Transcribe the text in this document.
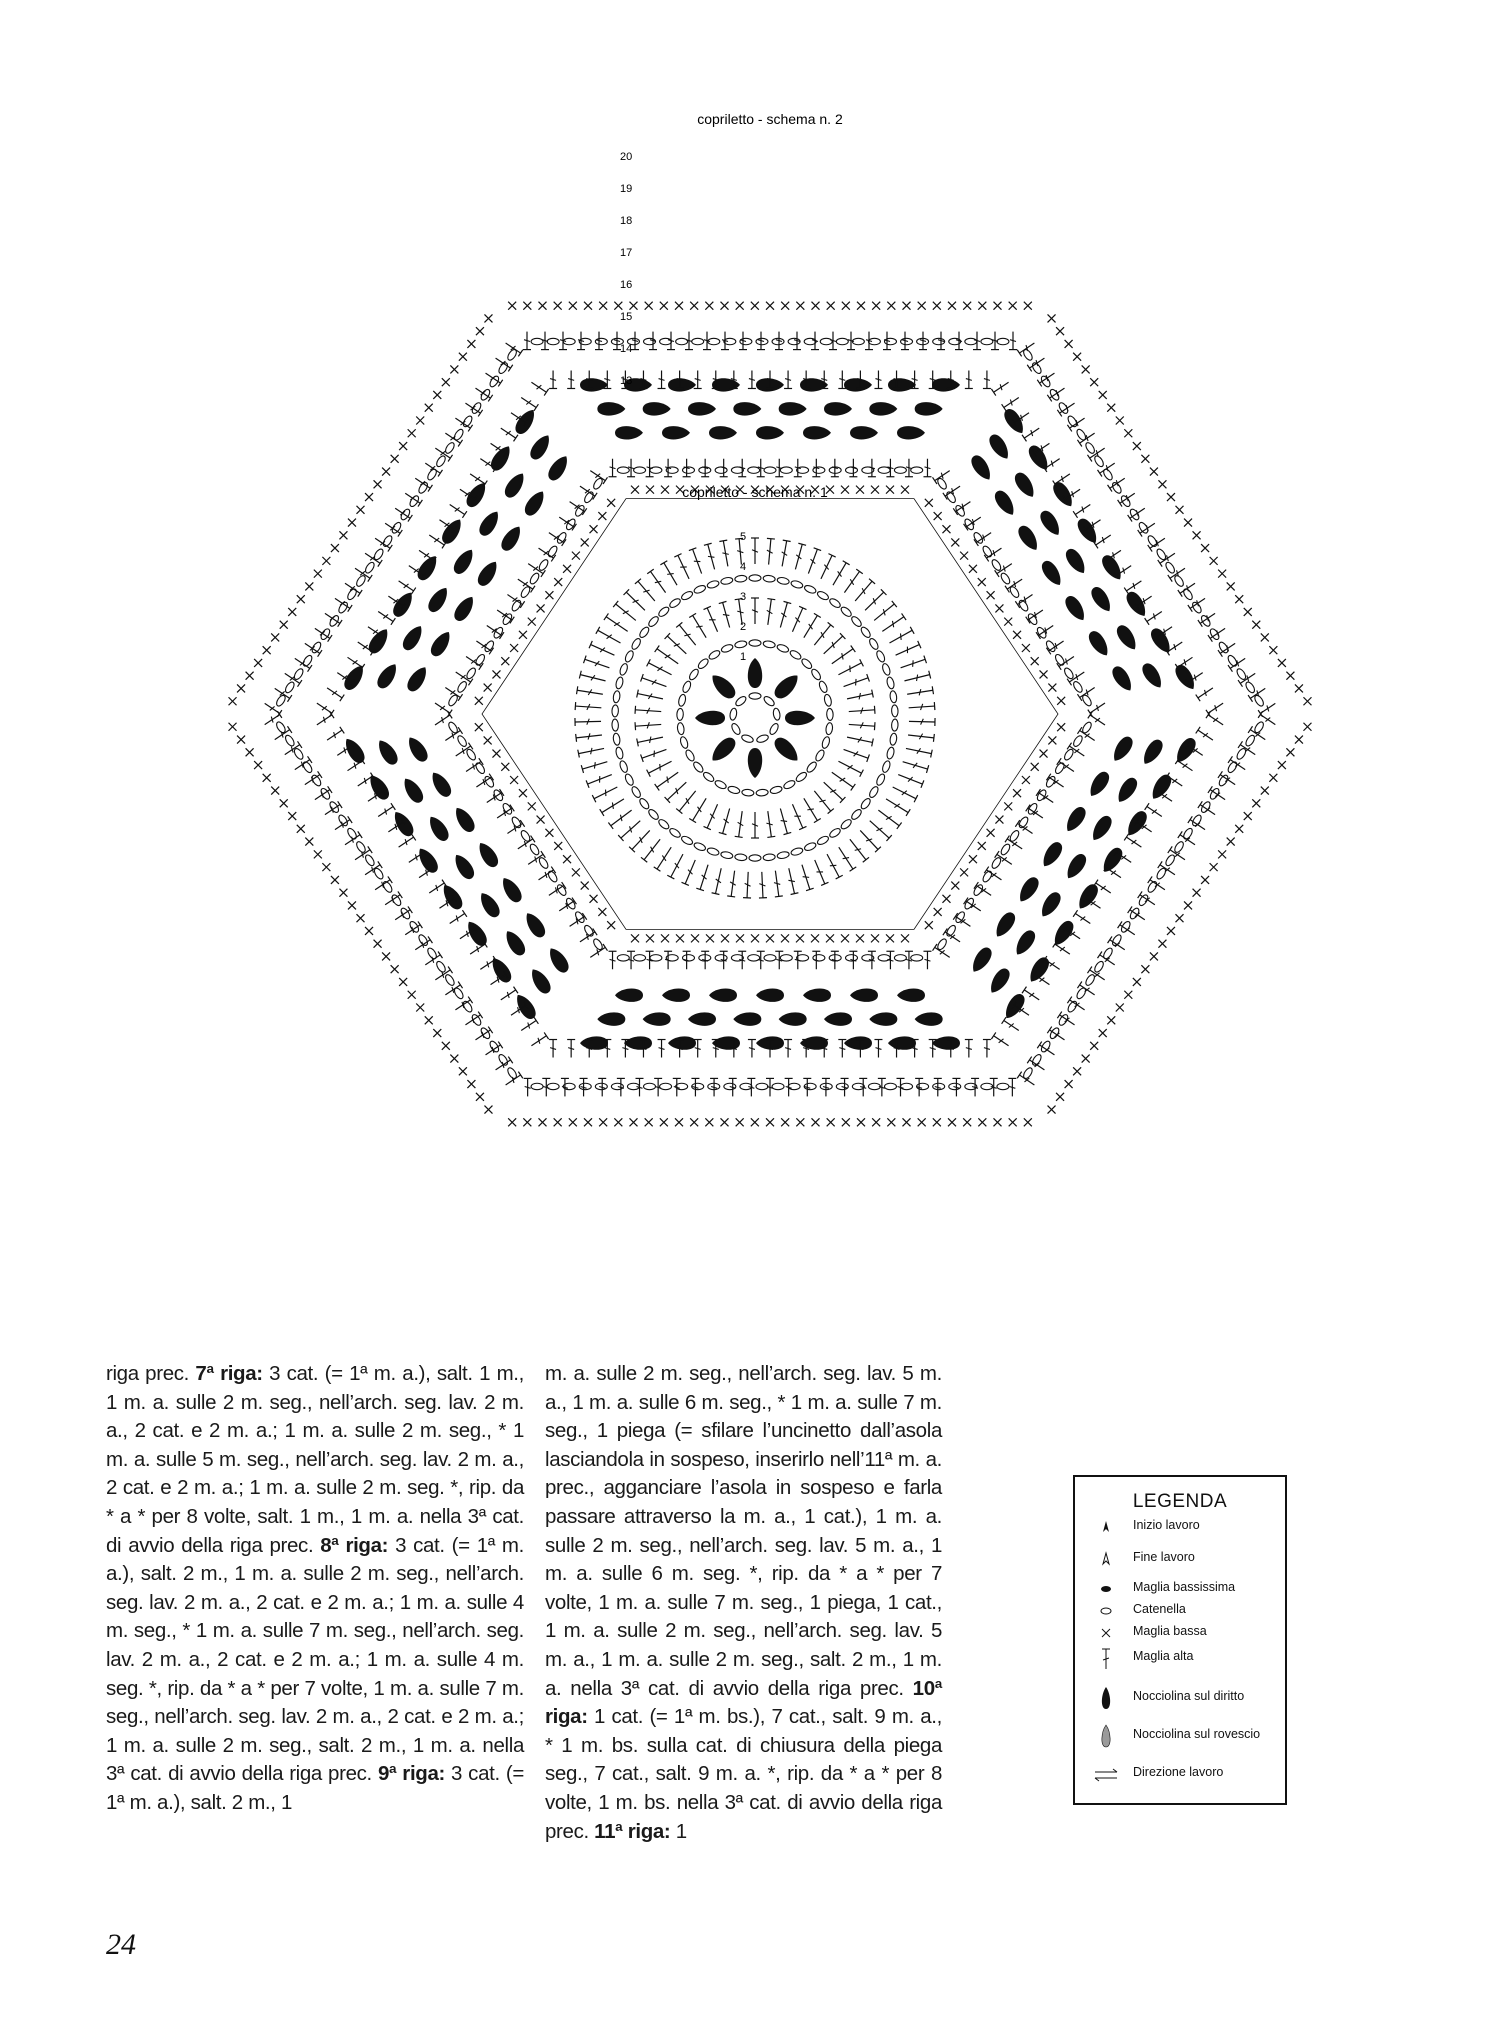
copriletto - schema n. 2
copriletto - schema n. 1
20
19
18
17
16
15
14
13
5
4
3
2
1
riga prec. 7ª riga: 3 cat. (= 1ª m. a.), salt. 1 m., 1 m. a. sulle 2 m. seg., nell’arch. seg. lav. 2 m. a., 2 cat. e 2 m. a.; 1 m. a. sulle 2 m. seg., * 1 m. a. sulle 5 m. seg., nell’arch. seg. lav. 2 m. a., 2 cat. e 2 m. a.; 1 m. a. sulle 2 m. seg. *, rip. da * a * per 8 volte, salt. 1 m., 1 m. a. nella 3ª cat. di avvio della riga prec. 8ª riga: 3 cat. (= 1ª m. a.), salt. 2 m., 1 m. a. sulle 2 m. seg., nell’arch. seg. lav. 2 m. a., 2 cat. e 2 m. a.; 1 m. a. sulle 4 m. seg., * 1 m. a. sulle 7 m. seg., nell’arch. seg. lav. 2 m. a., 2 cat. e 2 m. a.; 1 m. a. sulle 4 m. seg. *, rip. da * a * per 7 volte, 1 m. a. sulle 7 m. seg., nell’arch. seg. lav. 2 m. a., 2 cat. e 2 m. a.; 1 m. a. sulle 2 m. seg., salt. 2 m., 1 m. a. nella 3ª cat. di avvio della riga prec. 9ª riga: 3 cat. (= 1ª m. a.), salt. 2 m., 1
m. a. sulle 2 m. seg., nell’arch. seg. lav. 5 m. a., 1 m. a. sulle 6 m. seg., * 1 m. a. sulle 7 m. seg., 1 piega (= sfilare l’uncinetto dall’asola lasciandola in sospeso, inserirlo nell’11ª m. a. prec., agganciare l’asola in sospeso e farla passare attraverso la m. a., 1 cat.), 1 m. a. sulle 2 m. seg., nell’arch. seg. lav. 5 m. a., 1 m. a. sulle 6 m. seg. *, rip. da * a * per 7 volte, 1 m. a. sulle 7 m. seg., 1 piega, 1 cat., 1 m. a. sulle 2 m. seg., nell’arch. seg. lav. 5 m. a., 1 m. a. sulle 2 m. seg., salt. 2 m., 1 m. a. nella 3ª cat. di avvio della riga prec. 10ª riga: 1 cat. (= 1ª m. bs.), 7 cat., salt. 9 m. a., * 1 m. bs. sulla cat. di chiusura della piega seg., 7 cat., salt. 9 m. a. *, rip. da * a * per 8 volte, 1 m. bs. nella 3ª cat. di avvio della riga prec. 11ª riga: 1
LEGENDA
Inizio lavoro
Fine lavoro
Maglia bassissima
Catenella
Maglia bassa
Maglia alta
Nocciolina sul diritto
Nocciolina sul rovescio
Direzione lavoro
24
